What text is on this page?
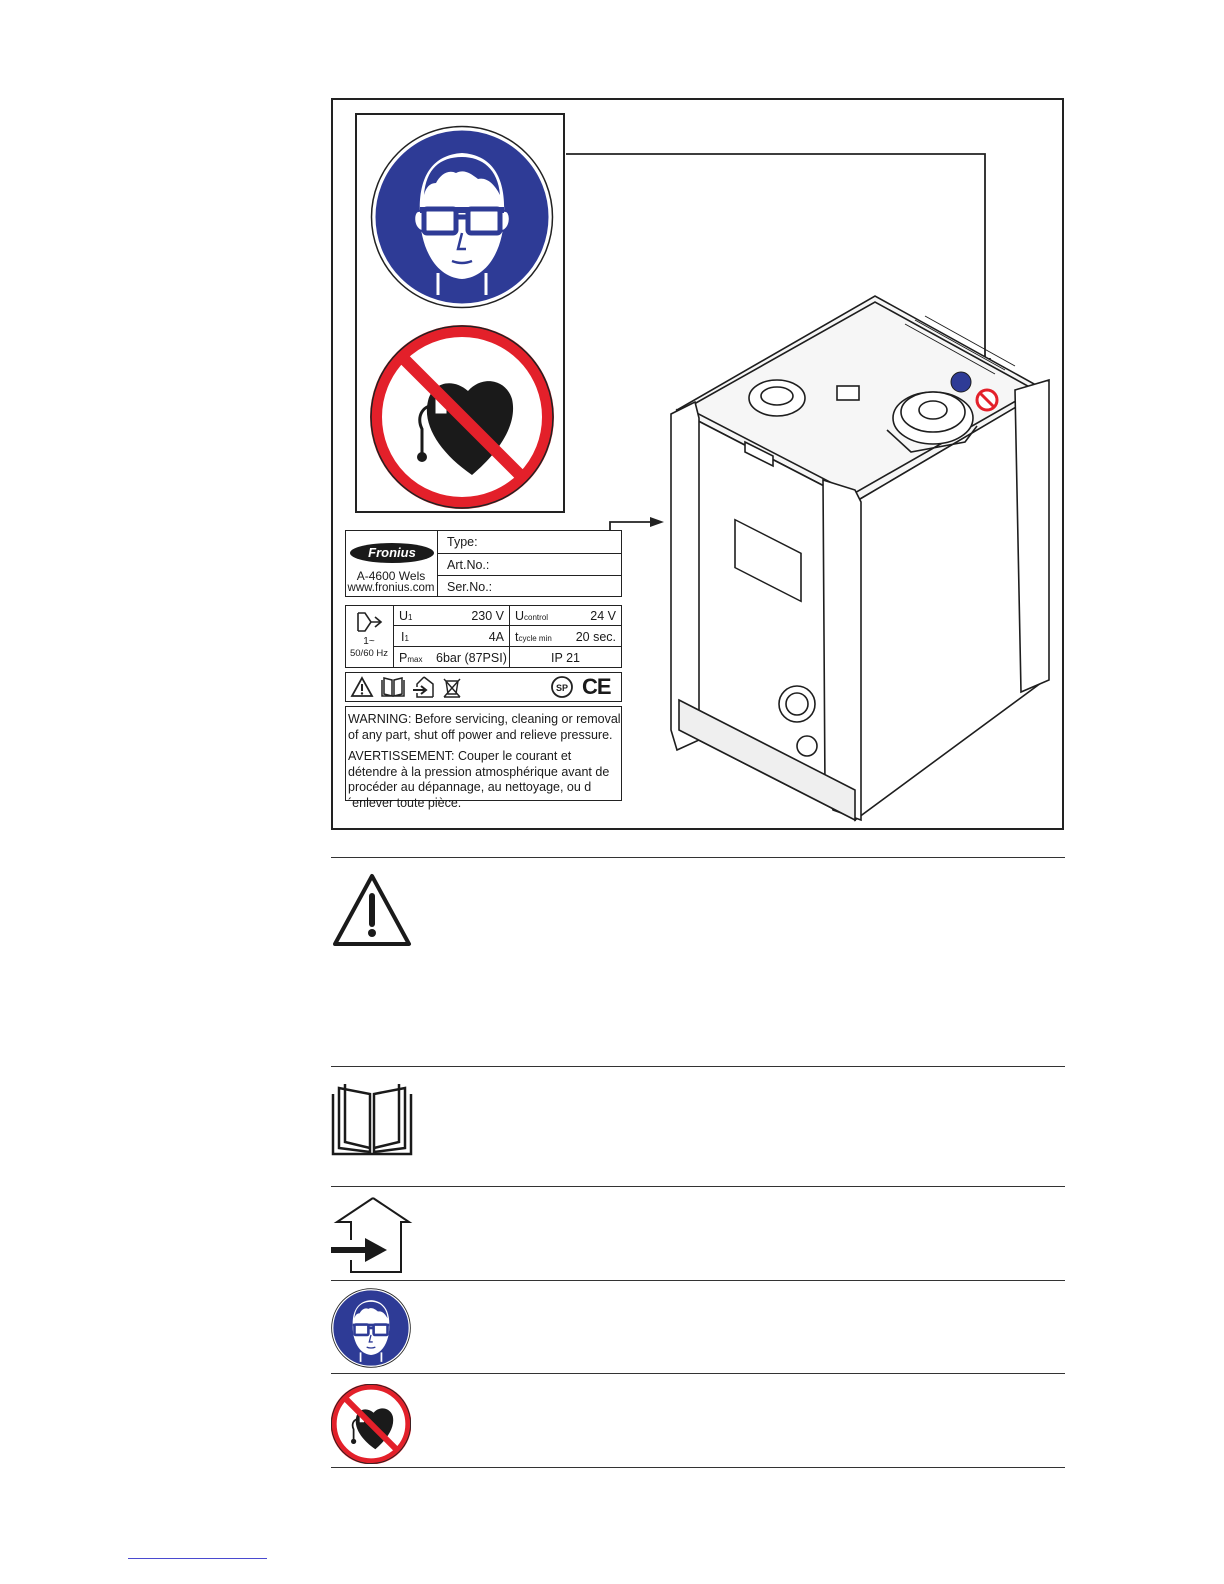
Fronius
A-4600 Wels
www.fronius.com
Type:
Art.No.:
Ser.No.:
1~
50/60 Hz
U1	230 V Ucontrol	24 V
I1	4A tcycle min	20 sec.
Pmax 6bar (87PSI)	IP 21
SP CE

WARNING: Before servicing, cleaning or removal of any part, shut off power and relieve pressure.

AVERTISSEMENT: Couper le courant et détendre à la pression atmosphérique avant de procéder au dépannage, au nettoyage, ou d´enlever toute pièce.
